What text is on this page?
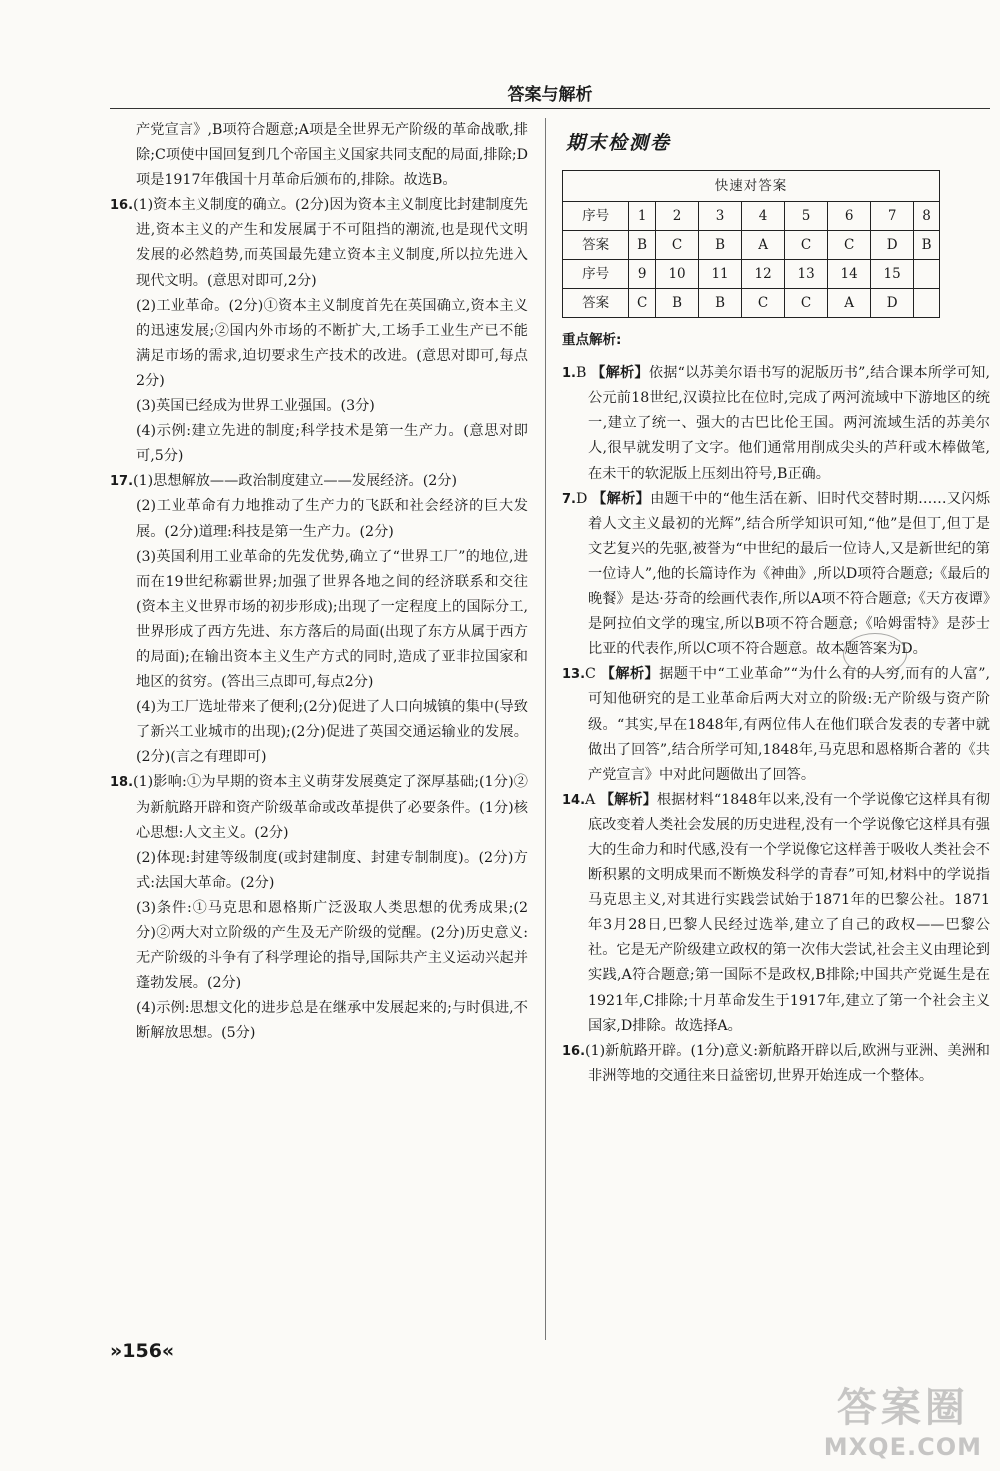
答案与解析

产党宣言》,B项符合题意;A项是全世界无产阶级的革命战歌,排除;C项使中国回复到几个帝国主义国家共同支配的局面,排除;D项是1917年俄国十月革命后颁布的,排除。故选B。

16.(1)资本主义制度的确立。(2分)因为资本主义制度比封建制度先进,资本主义的产生和发展属于不可阻挡的潮流,也是现代文明发展的必然趋势,而英国最先建立资本主义制度,所以拉先进入现代文明。(意思对即可,2分)

(2)工业革命。(2分)①资本主义制度首先在英国确立,资本主义的迅速发展;②国内外市场的不断扩大,工场手工业生产已不能满足市场的需求,迫切要求生产技术的改进。(意思对即可,每点2分)

(3)英国已经成为世界工业强国。(3分)

(4)示例:建立先进的制度;科学技术是第一生产力。(意思对即可,5分)

17.(1)思想解放——政治制度建立——发展经济。(2分)

(2)工业革命有力地推动了生产力的飞跃和社会经济的巨大发展。(2分)道理:科技是第一生产力。(2分)

(3)英国利用工业革命的先发优势,确立了“世界工厂”的地位,进而在19世纪称霸世界;加强了世界各地之间的经济联系和交往(资本主义世界市场的初步形成);出现了一定程度上的国际分工,世界形成了西方先进、东方落后的局面(出现了东方从属于西方的局面);在输出资本主义生产方式的同时,造成了亚非拉国家和地区的贫穷。(答出三点即可,每点2分)

(4)为工厂选址带来了便利;(2分)促进了人口向城镇的集中(导致了新兴工业城市的出现);(2分)促进了英国交通运输业的发展。(2分)(言之有理即可)

18.(1)影响:①为早期的资本主义萌芽发展奠定了深厚基础;(1分)②为新航路开辟和资产阶级革命或改革提供了必要条件。(1分)核心思想:人文主义。(2分)

(2)体现:封建等级制度(或封建制度、封建专制制度)。(2分)方式:法国大革命。(2分)

(3)条件:①马克思和恩格斯广泛汲取人类思想的优秀成果;(2分)②两大对立阶级的产生及无产阶级的觉醒。(2分)历史意义:无产阶级的斗争有了科学理论的指导,国际共产主义运动兴起并蓬勃发展。(2分)

(4)示例:思想文化的进步总是在继承中发展起来的;与时俱进,不断解放思想。(5分)

期末检测卷
快速对答案								
序号	1	2	3	4	5	6	7	8
答案	B	C	B	A	C	C	D	B
序号	9	10	11	12	13	14	15	
答案	C	B	B	C	C	A	D	
重点解析:

1.B 【解析】依据“以苏美尔语书写的泥版历书”,结合课本所学可知,公元前18世纪,汉谟拉比在位时,完成了两河流域中下游地区的统一,建立了统一、强大的古巴比伦王国。两河流域生活的苏美尔人,很早就发明了文字。他们通常用削成尖头的芦秆或木棒做笔,在未干的软泥版上压刻出符号,B正确。

7.D 【解析】由题干中的“他生活在新、旧时代交替时期……又闪烁着人文主义最初的光辉”,结合所学知识可知,“他”是但丁,但丁是文艺复兴的先驱,被誉为“中世纪的最后一位诗人,又是新世纪的第一位诗人”,他的长篇诗作为《神曲》,所以D项符合题意;《最后的晚餐》是达·芬奇的绘画代表作,所以A项不符合题意;《天方夜谭》是阿拉伯文学的瑰宝,所以B项不符合题意;《哈姆雷特》是莎士比亚的代表作,所以C项不符合题意。故本题答案为D。

13.C 【解析】据题干中“工业革命”“为什么有的人穷,而有的人富”,可知他研究的是工业革命后两大对立的阶级:无产阶级与资产阶级。“其实,早在1848年,有两位伟人在他们联合发表的专著中就做出了回答”,结合所学可知,1848年,马克思和恩格斯合著的《共产党宣言》中对此问题做出了回答。

14.A 【解析】根据材料“1848年以来,没有一个学说像它这样具有彻底改变着人类社会发展的历史进程,没有一个学说像它这样具有强大的生命力和时代感,没有一个学说像它这样善于吸收人类社会不断积累的文明成果而不断焕发科学的青春”可知,材料中的学说指马克思主义,对其进行实践尝试始于1871年的巴黎公社。1871年3月28日,巴黎人民经过选举,建立了自己的政权——巴黎公社。它是无产阶级建立政权的第一次伟大尝试,社会主义由理论到实践,A符合题意;第一国际不是政权,B排除;中国共产党诞生是在1921年,C排除;十月革命发生于1917年,建立了第一个社会主义国家,D排除。故选择A。

16.(1)新航路开辟。(1分)意义:新航路开辟以后,欧洲与亚洲、美洲和非洲等地的交通往来日益密切,世界开始连成一个整体。

»156«
答案圈
MXQE.COM
